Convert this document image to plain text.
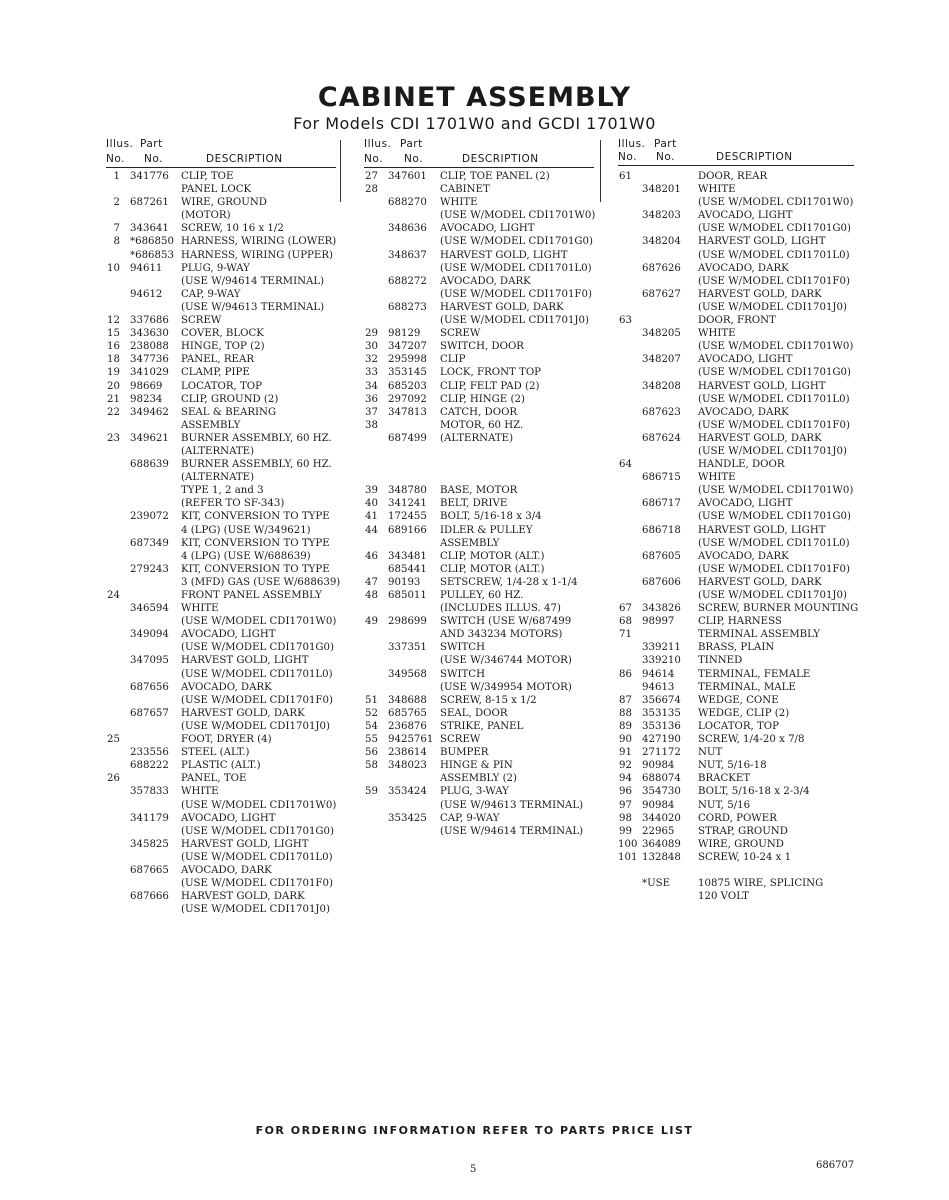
CABINET ASSEMBLY
For Models CDI 1701W0 and GCDI 1701W0
Illus. Part
No. No.	DESCRIPTION
1 341776 CLIP, TOE
PANEL LOCK
2 687261 WIRE, GROUND
(MOTOR)
7 343641 SCREW, 10 16 x 1/2
8 *686850 HARNESS, WIRING (LOWER)
*686853 HARNESS, WIRING (UPPER)
10 94611 PLUG, 9-WAY
(USE W/94614 TERMINAL)
94612 CAP, 9-WAY
(USE W/94613 TERMINAL)
12 337686 SCREW
15 343630 COVER, BLOCK
16 238088 HINGE, TOP (2)
18 347736 PANEL, REAR
19 341029 CLAMP, PIPE
20 98669 LOCATOR, TOP
21 98234 CLIP, GROUND (2)
22 349462 SEAL & BEARING
ASSEMBLY
23 349621 BURNER ASSEMBLY, 60 HZ.
(ALTERNATE)
688639 BURNER ASSEMBLY, 60 HZ.
(ALTERNATE)
TYPE 1, 2 and 3
(REFER TO SF-343)
239072 KIT, CONVERSION TO TYPE
4 (LPG) (USE W/349621)
687349 KIT, CONVERSION TO TYPE
4 (LPG) (USE W/688639)
279243 KIT, CONVERSION TO TYPE
3 (MFD) GAS (USE W/688639)
24	FRONT PANEL ASSEMBLY
346594 WHITE
(USE W/MODEL CDI1701W0)
349094 AVOCADO, LIGHT
(USE W/MODEL CDI1701G0)
347095 HARVEST GOLD, LIGHT
(USE W/MODEL CDI1701L0)
687656 AVOCADO, DARK
(USE W/MODEL CDI1701F0)
687657 HARVEST GOLD, DARK
(USE W/MODEL CDI1701J0)
25	FOOT, DRYER (4)
233556 STEEL (ALT.)
688222 PLASTIC (ALT.)
26	PANEL, TOE
357833 WHITE
(USE W/MODEL CDI1701W0)
341179 AVOCADO, LIGHT
(USE W/MODEL CDI1701G0)
345825 HARVEST GOLD, LIGHT
(USE W/MODEL CDI1701L0)
687665 AVOCADO, DARK
(USE W/MODEL CDI1701F0)
687666 HARVEST GOLD, DARK
(USE W/MODEL CDI1701J0)
Illus. Part
No. No.	DESCRIPTION
27 347601 CLIP, TOE PANEL (2)
28	CABINET
688270 WHITE
(USE W/MODEL CDI1701W0)
348636 AVOCADO, LIGHT
(USE W/MODEL CDI1701G0)
348637 HARVEST GOLD, LIGHT
(USE W/MODEL CDI1701L0)
688272 AVOCADO, DARK
(USE W/MODEL CDI1701F0)
688273 HARVEST GOLD, DARK
(USE W/MODEL CDI1701J0)
29 98129 SCREW
30 347207 SWITCH, DOOR
32 295998 CLIP
33 353145 LOCK, FRONT TOP
34 685203 CLIP, FELT PAD (2)
36 297092 CLIP, HINGE (2)
37 347813 CATCH, DOOR
38	MOTOR, 60 HZ.
687499 (ALTERNATE)
39 348780 BASE, MOTOR
40 341241 BELT, DRIVE
41 172455 BOLT, 5/16-18 x 3/4
44 689166 IDLER & PULLEY
ASSEMBLY
46 343481 CLIP, MOTOR (ALT.)
685441 CLIP, MOTOR (ALT.)
47 90193 SETSCREW, 1/4-28 x 1-1/4
48 685011 PULLEY, 60 HZ.
(INCLUDES ILLUS. 47)
49 298699 SWITCH (USE W/687499
AND 343234 MOTORS)
337351 SWITCH
(USE W/346744 MOTOR)
349568 SWITCH
(USE W/349954 MOTOR)
51 348688 SCREW, 8-15 x 1/2
52 685765 SEAL, DOOR
54 236876 STRIKE, PANEL
55 9425761 SCREW
56 238614 BUMPER
58 348023 HINGE & PIN
ASSEMBLY (2)
59 353424 PLUG, 3-WAY
(USE W/94613 TERMINAL)
353425 CAP, 9-WAY
(USE W/94614 TERMINAL)
Illus. Part
No. No.	DESCRIPTION
61	DOOR, REAR
348201 WHITE
(USE W/MODEL CDI1701W0)
348203 AVOCADO, LIGHT
(USE W/MODEL CDI1701G0)
348204 HARVEST GOLD, LIGHT
(USE W/MODEL CDI1701L0)
687626 AVOCADO, DARK
(USE W/MODEL CDI1701F0)
687627 HARVEST GOLD, DARK
(USE W/MODEL CDI1701J0)
63	DOOR, FRONT
348205 WHITE
(USE W/MODEL CDI1701W0)
348207 AVOCADO, LIGHT
(USE W/MODEL CDI1701G0)
348208 HARVEST GOLD, LIGHT
(USE W/MODEL CDI1701L0)
687623 AVOCADO, DARK
(USE W/MODEL CDI1701F0)
687624 HARVEST GOLD, DARK
(USE W/MODEL CDI1701J0)
64	HANDLE, DOOR
686715 WHITE
(USE W/MODEL CDI1701W0)
686717 AVOCADO, LIGHT
(USE W/MODEL CDI1701G0)
686718 HARVEST GOLD, LIGHT
(USE W/MODEL CDI1701L0)
687605 AVOCADO, DARK
(USE W/MODEL CDI1701F0)
687606 HARVEST GOLD, DARK
(USE W/MODEL CDI1701J0)
67 343826 SCREW, BURNER MOUNTING
68 98997 CLIP, HARNESS
71	TERMINAL ASSEMBLY
339211 BRASS, PLAIN
339210 TINNED
86 94614 TERMINAL, FEMALE
94613 TERMINAL, MALE
87 356674 WEDGE, CONE
88 353135 WEDGE, CLIP (2)
89 353136 LOCATOR, TOP
90 427190 SCREW, 1/4-20 x 7/8
91 271172 NUT
92 90984 NUT, 5/16-18
94 688074 BRACKET
96 354730 BOLT, 5/16-18 x 2-3/4
97 90984 NUT, 5/16
98 344020 CORD, POWER
99 22965 STRAP, GROUND
100 364089 WIRE, GROUND
101 132848 SCREW, 10-24 x 1
*USE	10875 WIRE, SPLICING
120 VOLT
FOR ORDERING INFORMATION REFER TO PARTS PRICE LIST
5	686707
